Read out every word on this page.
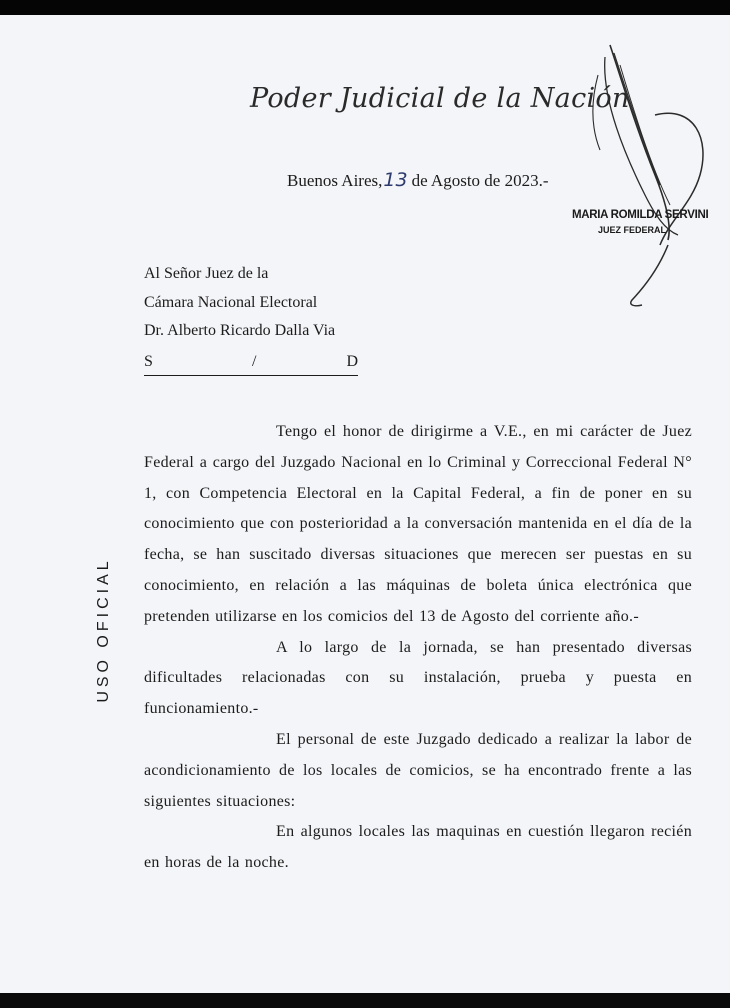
Poder Judicial de la Nación
Buenos Aires,13 de Agosto de 2023.-
MARIA ROMILDA SERVINI
JUEZ FEDERAL
Al Señor Juez de la
Cámara Nacional Electoral
Dr. Alberto Ricardo Dalla Via
S	/	D
USO OFICIAL

Tengo el honor de dirigirme a V.E., en mi carácter de Juez Federal a cargo del Juzgado Nacional en lo Criminal y Correccional Federal N° 1, con Competencia Electoral en la Capital Federal, a fin de poner en su conocimiento que con posterioridad a la conversación mantenida en el día de la fecha, se han suscitado diversas situaciones que merecen ser puestas en su conocimiento, en relación a las máquinas de boleta única electrónica que pretenden utilizarse en los comicios del 13 de Agosto del corriente año.-

A lo largo de la jornada, se han presentado diversas dificultades relacionadas con su instalación, prueba y puesta en funcionamiento.-

El personal de este Juzgado dedicado a realizar la labor de acondicionamiento de los locales de comicios, se ha encontrado frente a las siguientes situaciones:

En algunos locales las maquinas en cuestión llegaron recién en horas de la noche.
